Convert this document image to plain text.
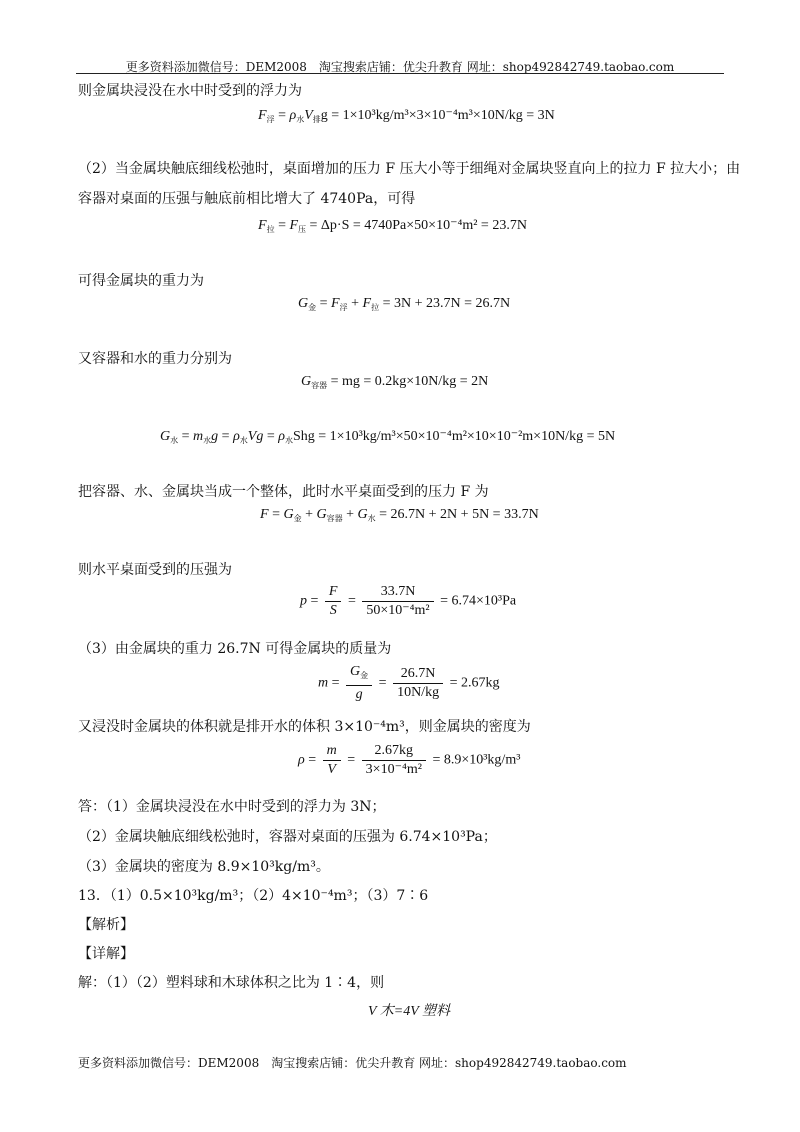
更多资料添加微信号：DEM2008　淘宝搜索店铺：优尖升教育 网址：shop492842749.taobao.com
则金属块浸没在水中时受到的浮力为
$F_浮 = \rho_水V_排g = 1\times 10^3kg/m^3\times 3\times 10^{-4}m^3\times 10N/kg = 3N$
（2）当金属块触底细线松弛时，桌面增加的压力 F 压大小等于细绳对金属块竖直向上的拉力 F 拉大小；由
容器对桌面的压强与触底前相比增大了 4740Pa，可得
$F_拉 = F_压 = \Delta p\cdot S = 4740Pa\times 50\times 10^{-4}m^2 = 23.7N$
可得金属块的重力为
$G_金 = F_浮 + F_拉 = 3N + 23.7N = 26.7N$
又容器和水的重力分别为
$G_{容器}$ = mg = 0.2kg×10N/kg = 2N
$G_水 = m_水g = \rho_水Vg = \rho_水Shg = 1\times 10^3kg/m^3\times 50\times 10^{-4}m^2\times 10\times 10^{-2}m\times 10N/kg = 5N$
把容器、水、金属块当成一个整体，此时水平桌面受到的压力 F 为
$F = G_金 + G_{容器} + G_水 = 26.7N + 2N + 5N = 33.7N$
则水平桌面受到的压强为
$p = \frac{F}{S} = \frac{33.7N}{\text{50×10⁻⁴m²}} = 6.74\times 10^3Pa$
（3）由金属块的重力 26.7N 可得金属块的质量为
$m = \frac{G_金}{g} = \frac{26.7N}{10N/kg} = 2.67kg$
又浸没时金属块的体积就是排开水的体积 3×10⁻⁴m³，则金属块的密度为
$\rho = \frac{m}{V} = \frac{2.67kg}{\text{3×10⁻⁴m²}} = 8.9\times 10^3kg/m^3$
答：（1）金属块浸没在水中时受到的浮力为 3N；
（2）金属块触底细线松弛时，容器对桌面的压强为 6.74×10³Pa；
（3）金属块的密度为 8.9×10³kg/m³。
13．（1）0.5×10³kg/m³；（2）4×10⁻⁴m³；（3）7∶6
【解析】
【详解】
解：（1）（2）塑料球和木球体积之比为 1∶4，则
V 木=4V 塑料
更多资料添加微信号：DEM2008　淘宝搜索店铺：优尖升教育 网址：shop492842749.taobao.com
